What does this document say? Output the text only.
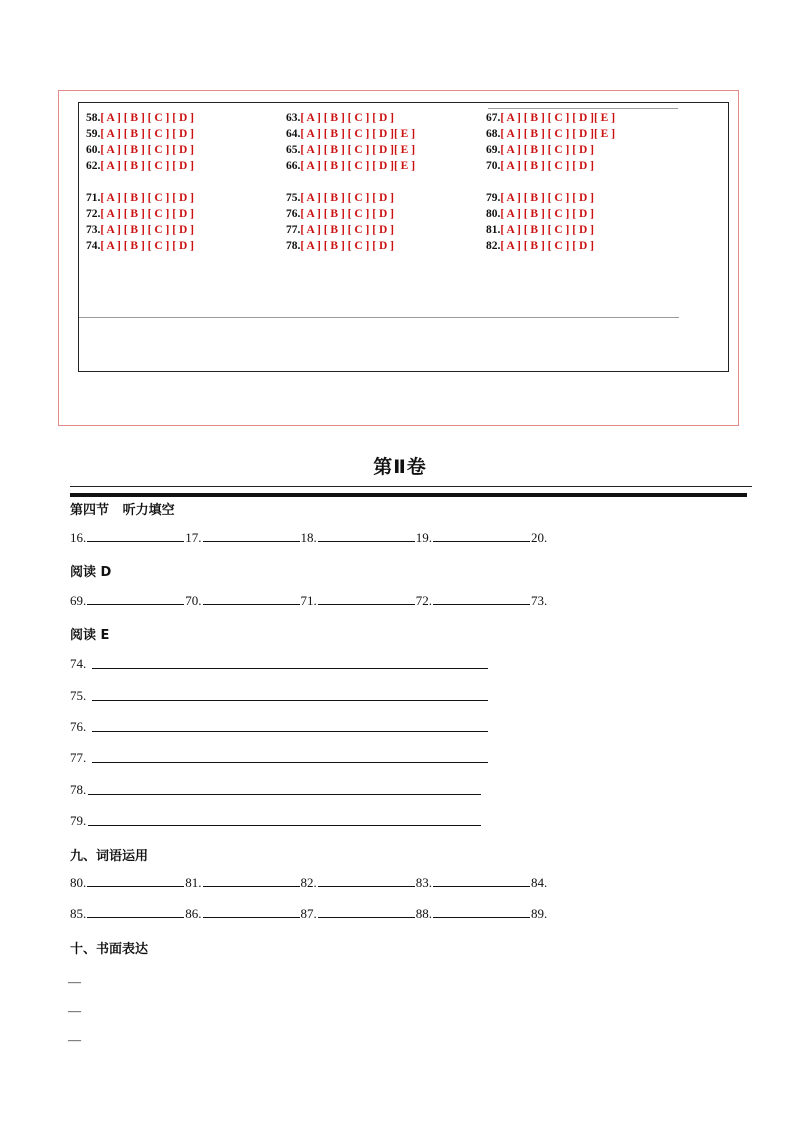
58.[ A ] [ B ] [ C ] [ D ]
59.[ A ] [ B ] [ C ] [ D ]
60.[ A ] [ B ] [ C ] [ D ]
62.[ A ] [ B ] [ C ] [ D ]
63.[ A ] [ B ] [ C ] [ D ]
64.[ A ] [ B ] [ C ] [ D ][ E ]
65.[ A ] [ B ] [ C ] [ D ][ E ]
66.[ A ] [ B ] [ C ] [ D ][ E ]
67.[ A ] [ B ] [ C ] [ D ][ E ]
68.[ A ] [ B ] [ C ] [ D ][ E ]
69.[ A ] [ B ] [ C ] [ D ]
70.[ A ] [ B ] [ C ] [ D ]
71.[ A ] [ B ] [ C ] [ D ]
72.[ A ] [ B ] [ C ] [ D ]
73.[ A ] [ B ] [ C ] [ D ]
74.[ A ] [ B ] [ C ] [ D ]
75.[ A ] [ B ] [ C ] [ D ]
76.[ A ] [ B ] [ C ] [ D ]
77.[ A ] [ B ] [ C ] [ D ]
78.[ A ] [ B ] [ C ] [ D ]
79.[ A ] [ B ] [ C ] [ D ]
80.[ A ] [ B ] [ C ] [ D ]
81.[ A ] [ B ] [ C ] [ D ]
82.[ A ] [ B ] [ C ] [ D ]
第Ⅱ卷
第四节   听力填空
16.	17.	18.	19.	20.
阅读 D
69.	70.	71.	72.	73.
阅读 E
74.
75.
76.
77.
78.
79.
九、词语运用
80.	81.	82.	83.	84.
85.	86.	87.	88.	89.
十、书面表达
—
—
—
